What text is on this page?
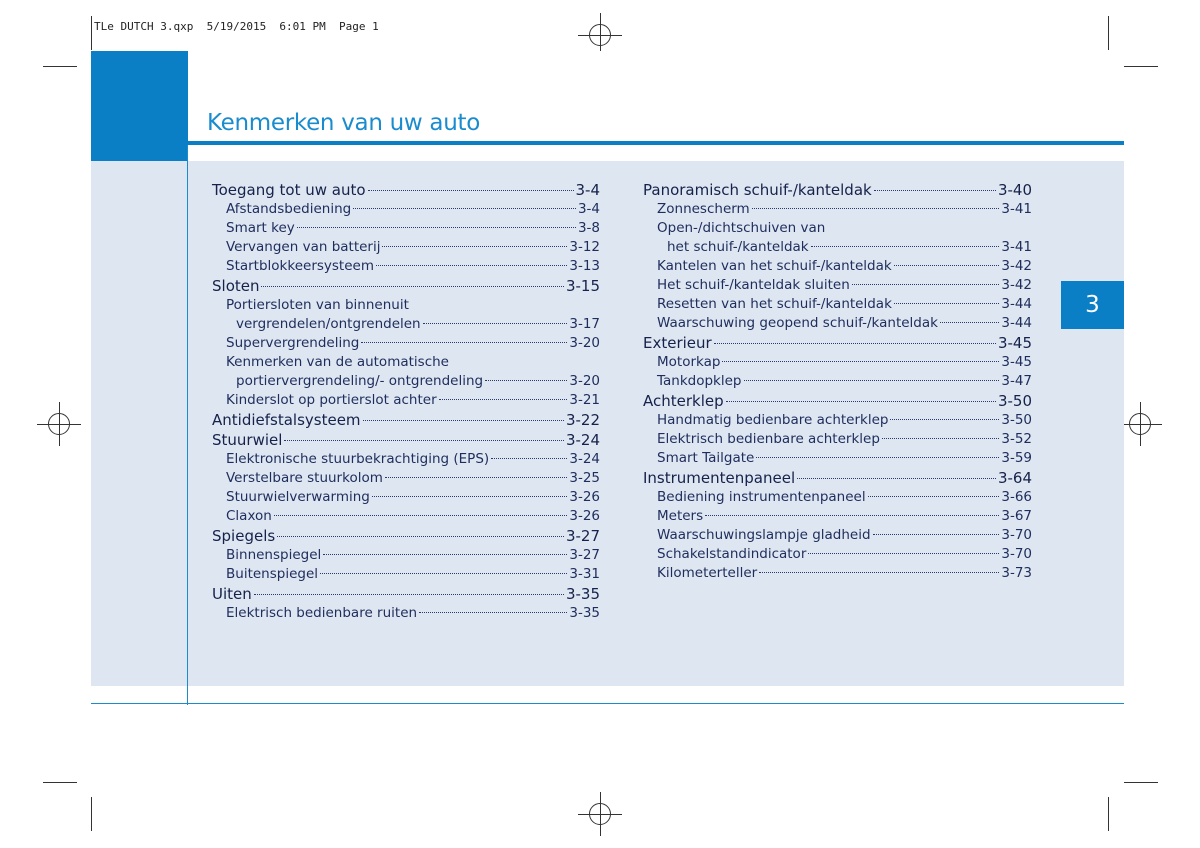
TLe DUTCH 3.qxp  5/19/2015  6:01 PM  Page 1
Kenmerken van uw auto
3
Toegang tot uw auto	3-4
Afstandsbediening	3-4
Smart key	3-8
Vervangen van batterij	3-12
Startblokkeersysteem	3-13
Sloten	3-15
Portiersloten van binnenuit
vergrendelen/ontgrendelen	3-17
Supervergrendeling	3-20
Kenmerken van de automatische
portiervergrendeling/- ontgrendeling	3-20
Kinderslot op portierslot achter	3-21
Antidiefstalsysteem	3-22
Stuurwiel	3-24
Elektronische stuurbekrachtiging (EPS)	3-24
Verstelbare stuurkolom	3-25
Stuurwielverwarming	3-26
Claxon	3-26
Spiegels	3-27
Binnenspiegel	3-27
Buitenspiegel	3-31
Uiten	3-35
Elektrisch bedienbare ruiten	3-35
Panoramisch schuif-/kanteldak	3-40
Zonnescherm	3-41
Open-/dichtschuiven van
het schuif-/kanteldak	3-41
Kantelen van het schuif-/kanteldak	3-42
Het schuif-/kanteldak sluiten	3-42
Resetten van het schuif-/kanteldak	3-44
Waarschuwing geopend schuif-/kanteldak	3-44
Exterieur	3-45
Motorkap	3-45
Tankdopklep	3-47
Achterklep	3-50
Handmatig bedienbare achterklep	3-50
Elektrisch bedienbare achterklep	3-52
Smart Tailgate	3-59
Instrumentenpaneel	3-64
Bediening instrumentenpaneel	3-66
Meters	3-67
Waarschuwingslampje gladheid	3-70
Schakelstandindicator	3-70
Kilometerteller	3-73
